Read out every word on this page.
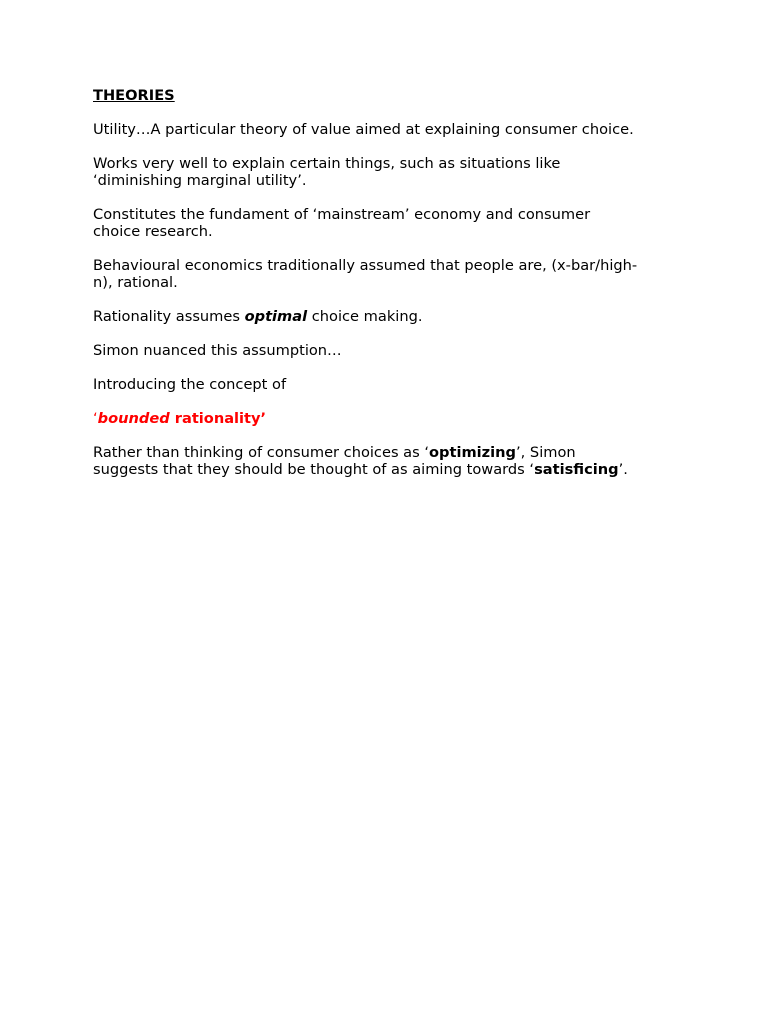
THEORIES

Utility…A particular theory of value aimed at explaining consumer choice.

Works very well to explain certain things, such as situations like
‘diminishing marginal utility’.

Constitutes the fundament of ‘mainstream’ economy and consumer
choice research.

Behavioural economics traditionally assumed that people are, (x-bar/high-
n), rational.

Rationality assumes optimal choice making.

Simon nuanced this assumption…

Introducing the concept of

‘bounded rationality’

Rather than thinking of consumer choices as ‘optimizing’, Simon
suggests that they should be thought of as aiming towards ‘satisficing’.
